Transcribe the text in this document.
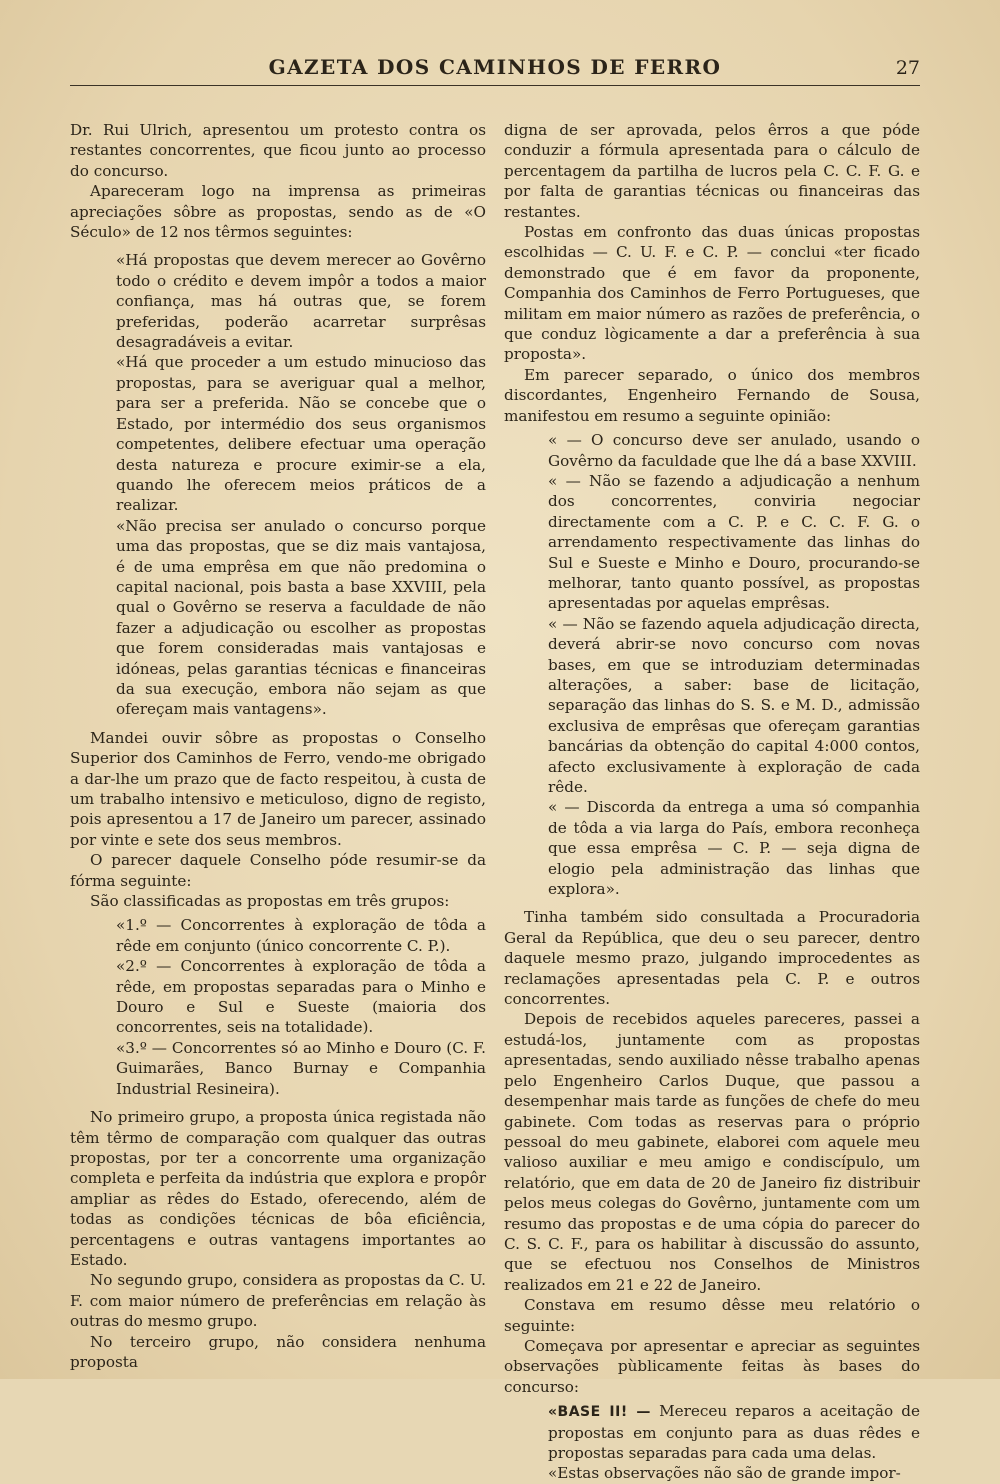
GAZETA DOS CAMINHOS DE FERRO	27

Dr. Rui Ulrich, apresentou um protesto contra os restantes concorrentes, que ficou junto ao processo do concurso.

Apareceram logo na imprensa as primeiras apreciações sôbre as propostas, sendo as de «O Século» de 12 nos têrmos seguintes:

«Há propostas que devem merecer ao Govêrno todo o crédito e devem impôr a todos a maior confiança, mas há outras que, se forem preferidas, poderão acarretar surprêsas desagradáveis a evitar.

«Há que proceder a um estudo minucioso das propostas, para se averiguar qual a melhor, para ser a preferida. Não se concebe que o Estado, por intermédio dos seus organismos competentes, delibere efectuar uma operação desta natureza e procure eximir-se a ela, quando lhe oferecem meios práticos de a realizar.

«Não precisa ser anulado o concurso porque uma das propostas, que se diz mais vantajosa, é de uma emprêsa em que não predomina o capital nacional, pois basta a base XXVIII, pela qual o Govêrno se reserva a faculdade de não fazer a adjudicação ou escolher as propostas que forem consideradas mais vantajosas e idóneas, pelas garantias técnicas e financeiras da sua execução, embora não sejam as que ofereçam mais vantagens».

Mandei ouvir sôbre as propostas o Conselho Superior dos Caminhos de Ferro, vendo-me obrigado a dar-lhe um prazo que de facto respeitou, à custa de um trabalho intensivo e meticuloso, digno de registo, pois apresentou a 17 de Janeiro um parecer, assinado por vinte e sete dos seus membros.

O parecer daquele Conselho póde resumir-se da fórma seguinte:

São classificadas as propostas em três grupos:

«1.º — Concorrentes à exploração de tôda a rêde em conjunto (único concorrente C. P.).

«2.º — Concorrentes à exploração de tôda a rêde, em propostas separadas para o Minho e Douro e Sul e Sueste (maioria dos concorrentes, seis na totalidade).

«3.º — Concorrentes só ao Minho e Douro (C. F. Guimarães, Banco Burnay e Companhia Industrial Resineira).

No primeiro grupo, a proposta única registada não têm têrmo de comparação com qualquer das outras propostas, por ter a concorrente uma organização completa e perfeita da indústria que explora e propôr ampliar as rêdes do Estado, oferecendo, além de todas as condições técnicas de bôa eficiência, percentagens e outras vantagens importantes ao Estado.

No segundo grupo, considera as propostas da C. U. F. com maior número de preferências em relação às outras do mesmo grupo.

No terceiro grupo, não considera nenhuma proposta

digna de ser aprovada, pelos êrros a que póde conduzir a fórmula apresentada para o cálculo de percentagem da partilha de lucros pela C. C. F. G. e por falta de garantias técnicas ou financeiras das restantes.

Postas em confronto das duas únicas propostas escolhidas — C. U. F. e C. P. — conclui «ter ficado demonstrado que é em favor da proponente, Companhia dos Caminhos de Ferro Portugueses, que militam em maior número as razões de preferência, o que conduz lògicamente a dar a preferência à sua proposta».

Em parecer separado, o único dos membros discordantes, Engenheiro Fernando de Sousa, manifestou em resumo a seguinte opinião:

« — O concurso deve ser anulado, usando o Govêrno da faculdade que lhe dá a base XXVIII.

« — Não se fazendo a adjudicação a nenhum dos concorrentes, conviria negociar directamente com a C. P. e C. C. F. G. o arrendamento respectivamente das linhas do Sul e Sueste e Minho e Douro, procurando-se melhorar, tanto quanto possível, as propostas apresentadas por aquelas emprêsas.

« — Não se fazendo aquela adjudicação directa, deverá abrir-se novo concurso com novas bases, em que se introduziam determinadas alterações, a saber: base de licitação, separação das linhas do S. S. e M. D., admissão exclusiva de emprêsas que ofereçam garantias bancárias da obtenção do capital 4:000 contos, afecto exclusivamente à exploração de cada rêde.

« — Discorda da entrega a uma só companhia de tôda a via larga do País, embora reconheça que essa emprêsa — C. P. — seja digna de elogio pela administração das linhas que explora».

Tinha também sido consultada a Procuradoria Geral da República, que deu o seu parecer, dentro daquele mesmo prazo, julgando improcedentes as reclamações apresentadas pela C. P. e outros concorrentes.

Depois de recebidos aqueles pareceres, passei a estudá-los, juntamente com as propostas apresentadas, sendo auxiliado nêsse trabalho apenas pelo Engenheiro Carlos Duque, que passou a desempenhar mais tarde as funções de chefe do meu gabinete. Com todas as reservas para o próprio pessoal do meu gabinete, elaborei com aquele meu valioso auxiliar e meu amigo e condiscípulo, um relatório, que em data de 20 de Janeiro fiz distribuir pelos meus colegas do Govêrno, juntamente com um resumo das propostas e de uma cópia do parecer do C. S. C. F., para os habilitar à discussão do assunto, que se efectuou nos Conselhos de Ministros realizados em 21 e 22 de Janeiro.

Constava em resumo dêsse meu relatório o seguinte:

Começava por apresentar e apreciar as seguintes observações pùblicamente feitas às bases do concurso:

«BASE II! — Mereceu reparos a aceitação de propostas em conjunto para as duas rêdes e propostas separadas para cada uma delas.

«Estas observações não são de grande impor-
